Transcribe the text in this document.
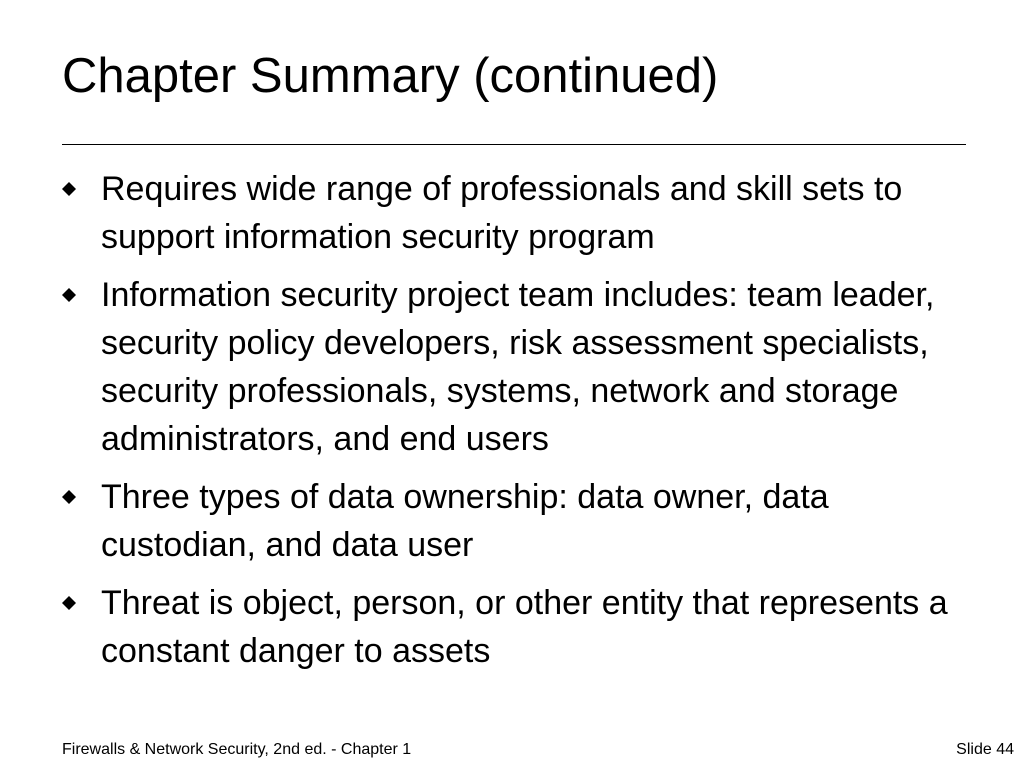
Chapter Summary (continued)
Requires wide range of professionals and skill sets to support information security program
Information security project team includes: team leader, security policy developers, risk assessment specialists, security professionals, systems, network and storage administrators, and end users
Three types of data ownership: data owner, data custodian, and data user
Threat is object, person, or other entity that represents a constant danger to assets
Firewalls & Network Security, 2nd ed. - Chapter 1	Slide 44
